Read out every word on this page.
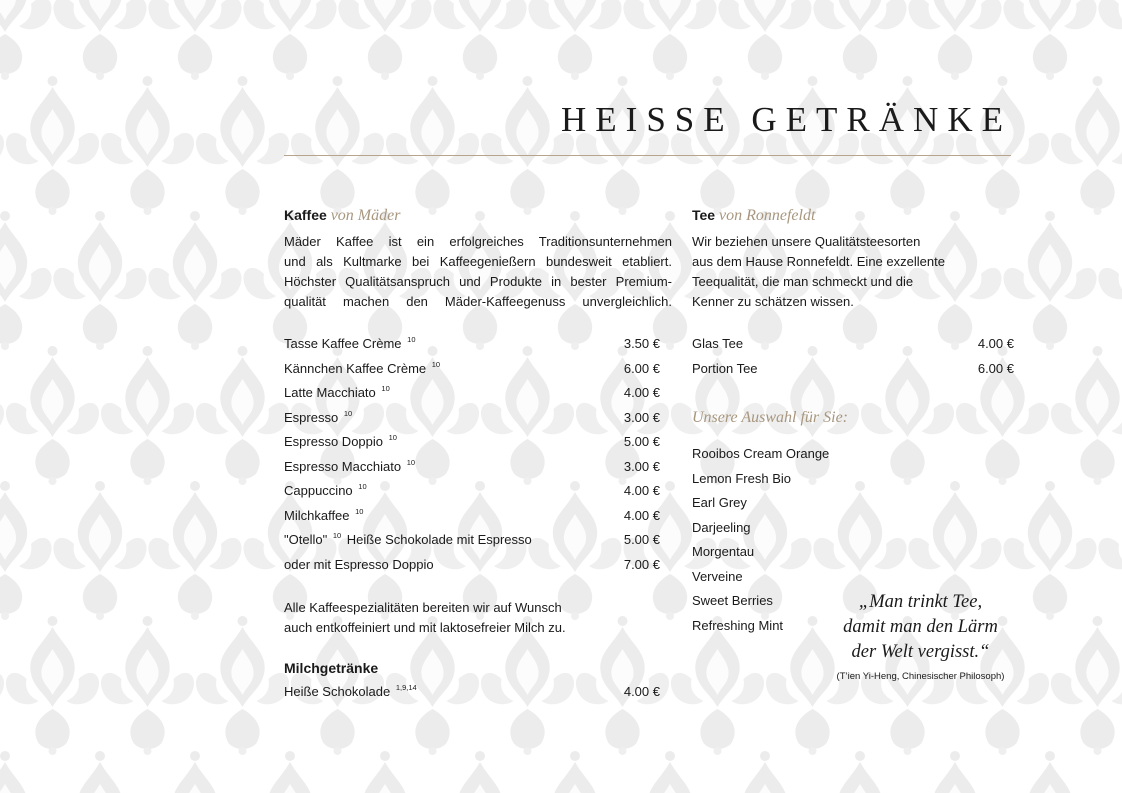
HEISSE GETRÄNKE
Kaffee von Mäder

Mäder Kaffee ist ein erfolgreiches Traditionsunternehmen

und als Kultmarke bei Kaffeegenießern bundesweit etabliert.

Höchster Qualitätsanspruch und Produkte in bester Premium-

qualität machen den Mäder-Kaffeegenuss unvergleichlich.

Tasse Kaffee Crème $^{10}$	3.50 €
Kännchen Kaffee Crème $^{10}$	6.00 €
Latte Macchiato $^{10}$	4.00 €
Espresso $^{10}$	3.00 €
Espresso Doppio $^{10}$	5.00 €
Espresso Macchiato $^{10}$	3.00 €
Cappuccino $^{10}$	4.00 €
Milchkaffee $^{10}$	4.00 €
"Otello" $^{10}$ Heiße Schokolade mit Espresso	5.00 €
oder mit Espresso Doppio	7.00 €

Alle Kaffeespezialitäten bereiten wir auf Wunsch

auch entkoffeiniert und mit laktosefreier Milch zu.

Milchgetränke
Heiße Schokolade $^{1,9,14}$	4.00 €
Tee von Ronnefeldt

Wir beziehen unsere Qualitätsteesorten

aus dem Hause Ronnefeldt. Eine exzellente

Teequalität, die man schmeckt und die

Kenner zu schätzen wissen.

Glas Tee	4.00 €
Portion Tee	6.00 €
Unsere Auswahl für Sie:
Rooibos Cream Orange
Lemon Fresh Bio
Earl Grey
Darjeeling
Morgentau
Verveine
Sweet Berries
Refreshing Mint

„Man trinkt Tee,

damit man den Lärm

der Welt vergisst.“

(T’ien Yi-Heng, Chinesischer Philosoph)
